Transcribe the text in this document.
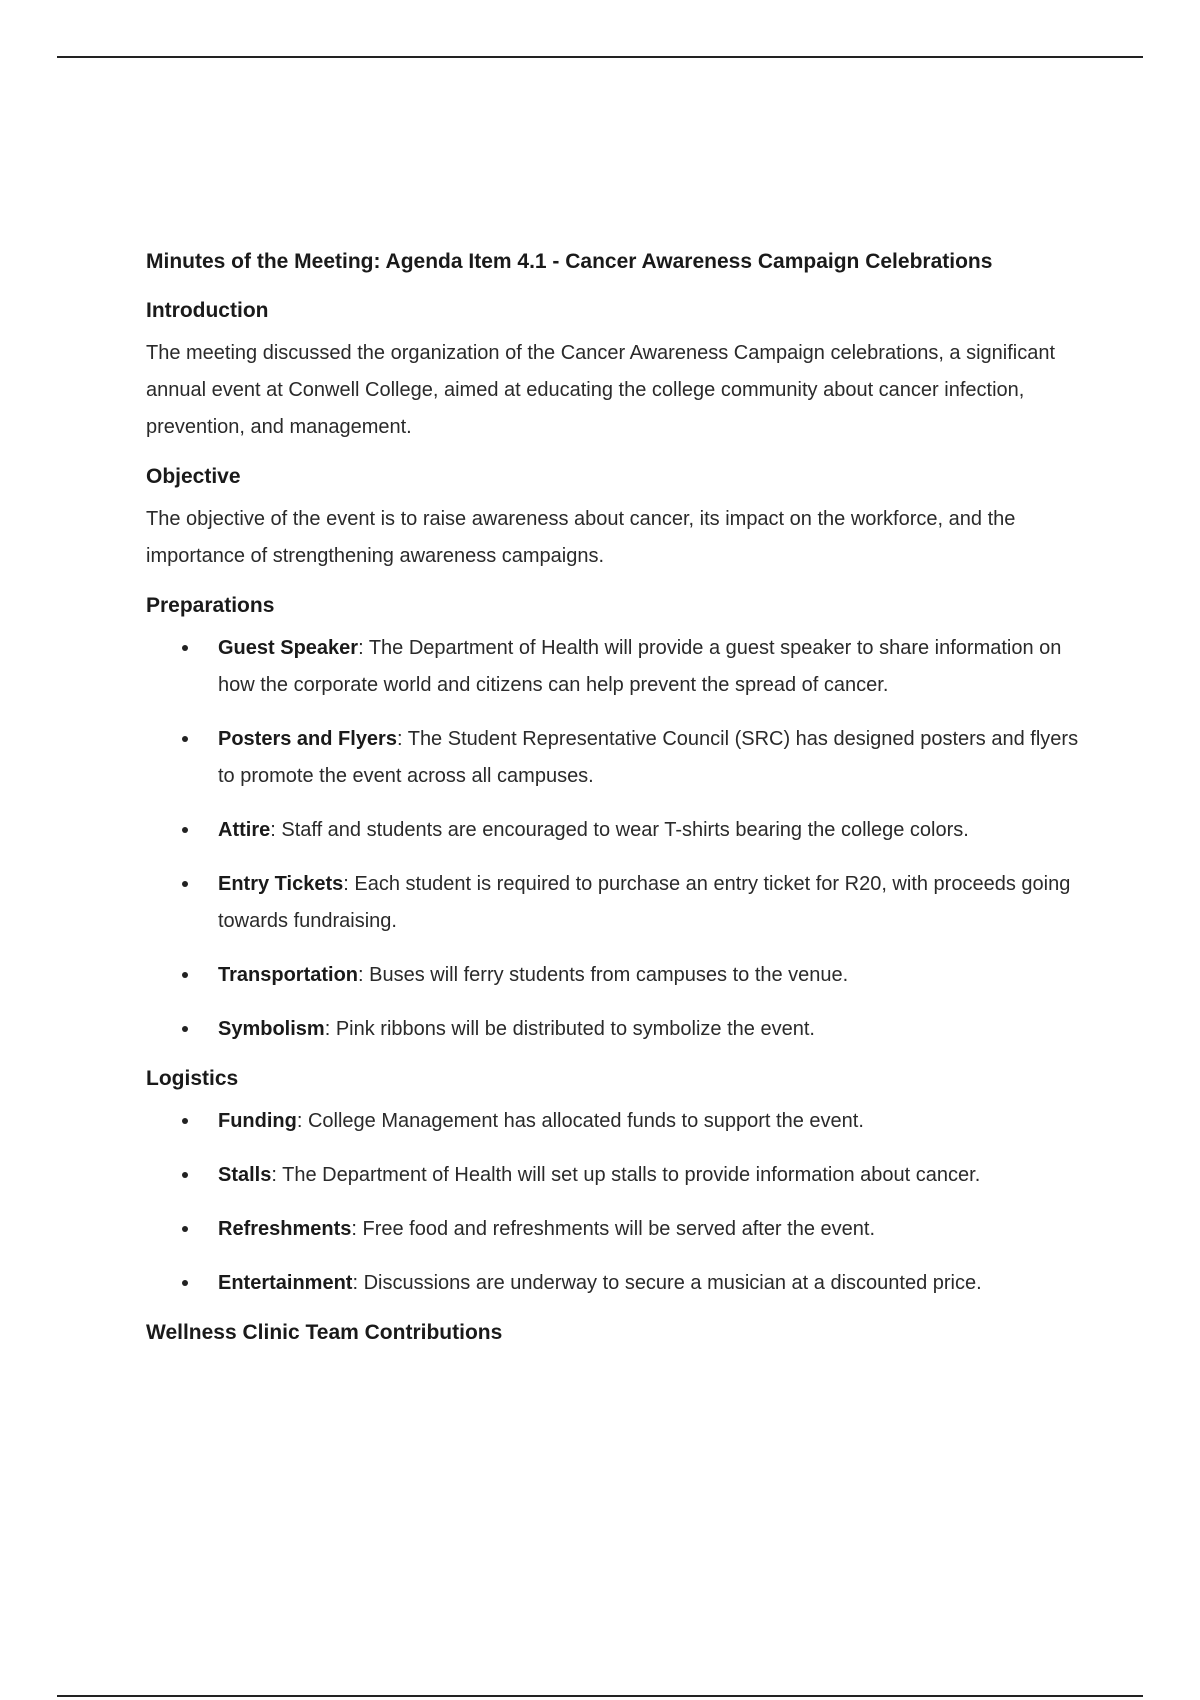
Minutes of the Meeting: Agenda Item 4.1 - Cancer Awareness Campaign Celebrations
Introduction

The meeting discussed the organization of the Cancer Awareness Campaign celebrations, a significant annual event at Conwell College, aimed at educating the college community about cancer infection, prevention, and management.

Objective

The objective of the event is to raise awareness about cancer, its impact on the workforce, and the importance of strengthening awareness campaigns.

Preparations
Guest Speaker: The Department of Health will provide a guest speaker to share information on how the corporate world and citizens can help prevent the spread of cancer.
Posters and Flyers: The Student Representative Council (SRC) has designed posters and flyers to promote the event across all campuses.
Attire: Staff and students are encouraged to wear T-shirts bearing the college colors.
Entry Tickets: Each student is required to purchase an entry ticket for R20, with proceeds going towards fundraising.
Transportation: Buses will ferry students from campuses to the venue.
Symbolism: Pink ribbons will be distributed to symbolize the event.
Logistics
Funding: College Management has allocated funds to support the event.
Stalls: The Department of Health will set up stalls to provide information about cancer.
Refreshments: Free food and refreshments will be served after the event.
Entertainment: Discussions are underway to secure a musician at a discounted price.
Wellness Clinic Team Contributions
